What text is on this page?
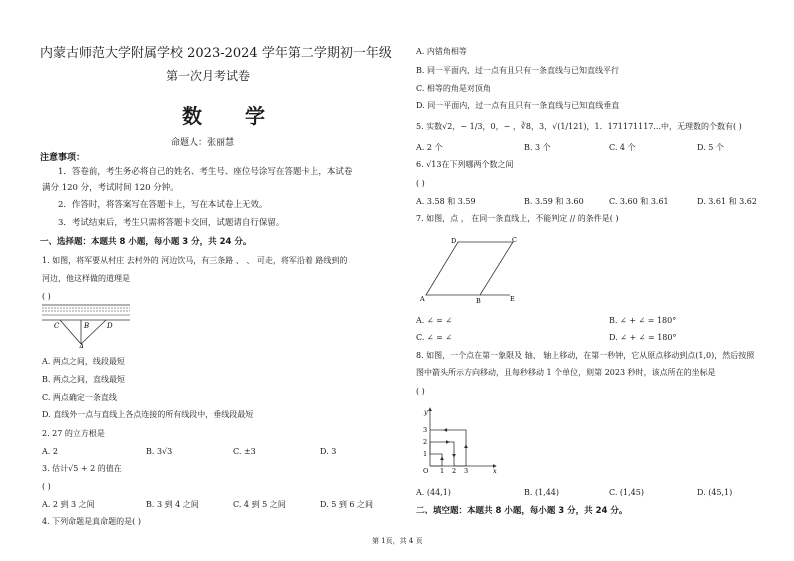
内蒙古师范大学附属学校 2023-2024 学年第二学期初一年级
第一次月考试卷
数 学
命题人：张丽慧
注意事项：
1．答卷前，考生务必将自己的姓名、考生号、座位号涂写在答题卡上，本试卷
满分 120 分，考试时间 120 分钟。
2．作答时，将答案写在答题卡上，写在本试卷上无效。
3．考试结束后，考生只需将答题卡交回，试题请自行保留。
一、选择题：本题共 8 小题，每小题 3 分，共 24 分。
1. 如图，将军要从村庄 去村外的 河边饮马，有三条路 、 、 可走，将军沿着 路线到的
河边，他这样做的道理是
( )
C	B	D
A
A. 两点之间，线段最短
B. 两点之间，直线最短
C. 两点确定一条直线
D. 直线外一点与直线上各点连接的所有线段中，垂线段最短
2. 27 的立方根是
A. 2	B. 3√3	C. ±3	D. 3
3. 估计√5 + 2 的值在
( )
A. 2 到 3 之间	B. 3 到 4 之间	C. 4 到 5 之间	D. 5 到 6 之间
4. 下列命题是真命题的是( )
A. 内错角相等
B. 同一平面内，过一点有且只有一条直线与已知直线平行
C. 相等的角是对顶角
D. 同一平面内，过一点有且只有一条直线与已知直线垂直
5. 实数√2，− 1/3，0，− ，∛8，3，√(1/121)，1．171171117...中，无理数的个数有( )
A. 2 个	B. 3 个	C. 4 个	D. 5 个
6. √13在下列哪两个数之间
( )
A. 3.58 和 3.59	B. 3.59 和 3.60	C. 3.60 和 3.61	D. 3.61 和 3.62
7. 如图，点 ， 在同一条直线上，不能判定 // 的条件是( )
D	C
A	B	E
A. ∠ = ∠	B. ∠ + ∠ = 180°
C. ∠ = ∠	D. ∠ + ∠ = 180°
8. 如图，一个点在第一象限及 轴、 轴上移动，在第一秒钟，它从原点移动到点(1,0)，然后按照
图中箭头所示方向移动，且每秒移动 1 个单位，则第 2023 秒时，该点所在的坐标是
( )
y
3
2
1
O 1 2 3	x
A. (44,1)	B. (1,44)	C. (1,45)	D. (45,1)
二、填空题：本题共 8 小题，每小题 3 分，共 24 分。
第 1页，共 4 页
